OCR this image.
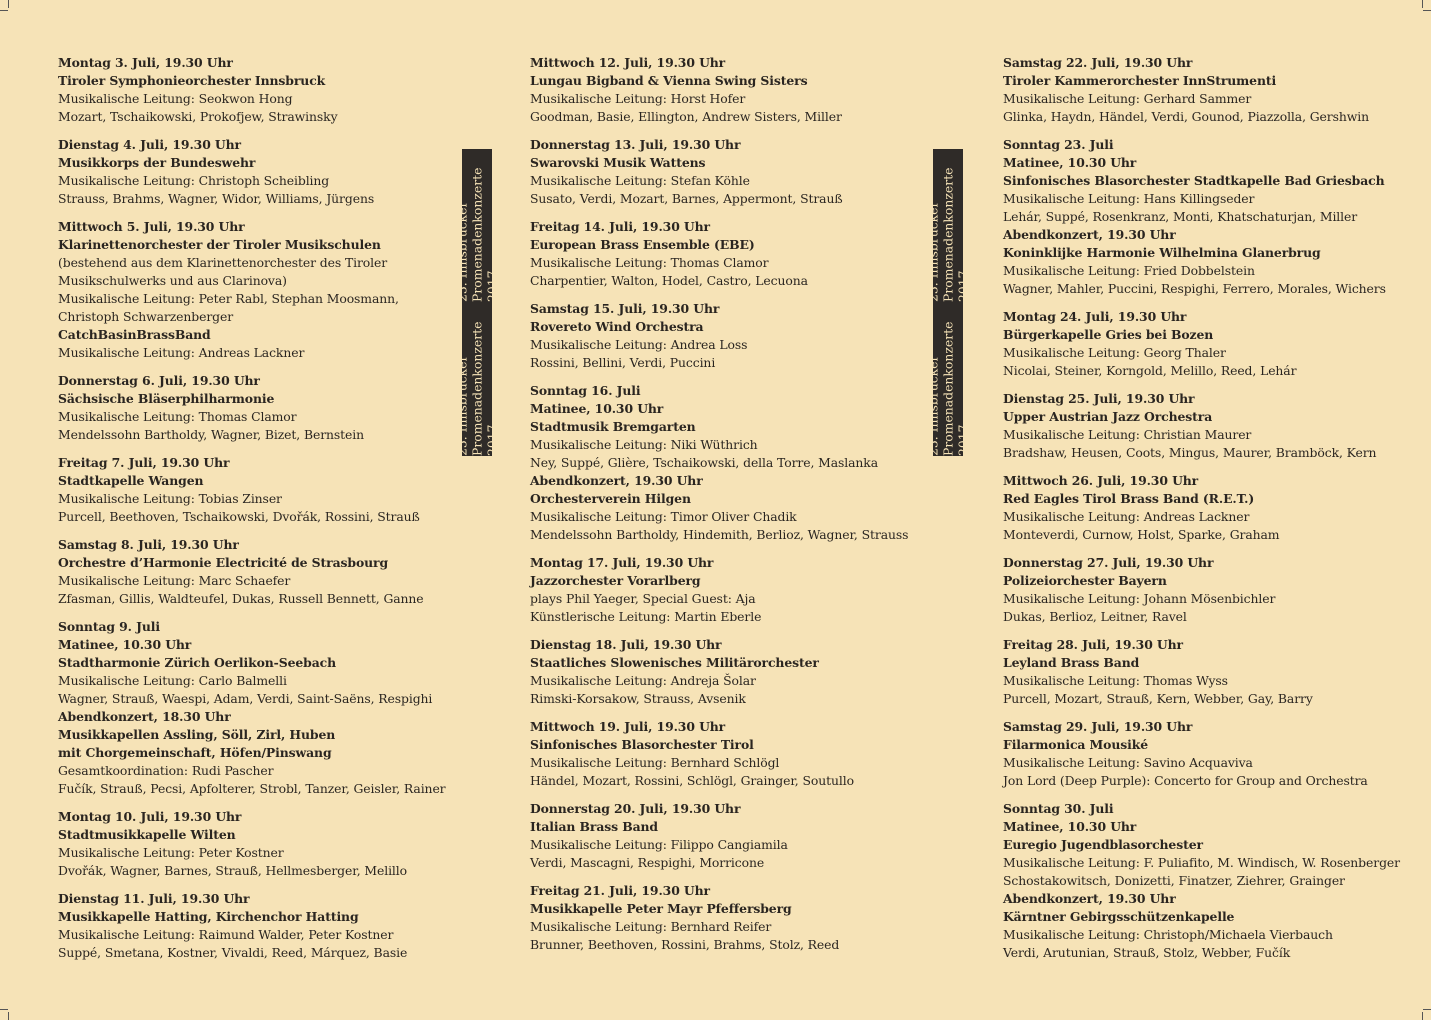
Montag 3. Juli, 19.30 Uhr
Tiroler Symphonieorchester Innsbruck
Musikalische Leitung: Seokwon Hong
Mozart, Tschaikowski, Prokofjew, Strawinsky
Dienstag 4. Juli, 19.30 Uhr
Musikkorps der Bundeswehr
Musikalische Leitung: Christoph Scheibling
Strauss, Brahms, Wagner, Widor, Williams, Jürgens
Mittwoch 5. Juli, 19.30 Uhr
Klarinettenorchester der Tiroler Musikschulen
(bestehend aus dem Klarinettenorchester des Tiroler
Musikschulwerks und aus Clarinova)
Musikalische Leitung: Peter Rabl, Stephan Moosmann,
Christoph Schwarzenberger
CatchBasinBrassBand
Musikalische Leitung: Andreas Lackner
Donnerstag 6. Juli, 19.30 Uhr
Sächsische Bläserphilharmonie
Musikalische Leitung: Thomas Clamor
Mendelssohn Bartholdy, Wagner, Bizet, Bernstein
Freitag 7. Juli, 19.30 Uhr
Stadtkapelle Wangen
Musikalische Leitung: Tobias Zinser
Purcell, Beethoven, Tschaikowski, Dvořák, Rossini, Strauß
Samstag 8. Juli, 19.30 Uhr
Orchestre d’Harmonie Electricité de Strasbourg
Musikalische Leitung: Marc Schaefer
Zfasman, Gillis, Waldteufel, Dukas, Russell Bennett, Ganne
Sonntag 9. Juli
Matinee, 10.30 Uhr
Stadtharmonie Zürich Oerlikon-Seebach
Musikalische Leitung: Carlo Balmelli
Wagner, Strauß, Waespi, Adam, Verdi, Saint-Saëns, Respighi
Abendkonzert, 18.30 Uhr
Musikkapellen Assling, Söll, Zirl, Huben
mit Chorgemeinschaft, Höfen/Pinswang
Gesamtkoordination: Rudi Pascher
Fučík, Strauß, Pecsi, Apfolterer, Strobl, Tanzer, Geisler, Rainer
Montag 10. Juli, 19.30 Uhr
Stadtmusikkapelle Wilten
Musikalische Leitung: Peter Kostner
Dvořák, Wagner, Barnes, Strauß, Hellmesberger, Melillo
Dienstag 11. Juli, 19.30 Uhr
Musikkapelle Hatting, Kirchenchor Hatting
Musikalische Leitung: Raimund Walder, Peter Kostner
Suppé, Smetana, Kostner, Vivaldi, Reed, Márquez, Basie
23. Innsbrucker Promenadenkonzerte 2017
23. Innsbrucker Promenadenkonzerte 2017
Mittwoch 12. Juli, 19.30 Uhr
Lungau Bigband & Vienna Swing Sisters
Musikalische Leitung: Horst Hofer
Goodman, Basie, Ellington, Andrew Sisters, Miller
Donnerstag 13. Juli, 19.30 Uhr
Swarovski Musik Wattens
Musikalische Leitung: Stefan Köhle
Susato, Verdi, Mozart, Barnes, Appermont, Strauß
Freitag 14. Juli, 19.30 Uhr
European Brass Ensemble (EBE)
Musikalische Leitung: Thomas Clamor
Charpentier, Walton, Hodel, Castro, Lecuona
Samstag 15. Juli, 19.30 Uhr
Rovereto Wind Orchestra
Musikalische Leitung: Andrea Loss
Rossini, Bellini, Verdi, Puccini
Sonntag 16. Juli
Matinee, 10.30 Uhr
Stadtmusik Bremgarten
Musikalische Leitung: Niki Wüthrich
Ney, Suppé, Glière, Tschaikowski, della Torre, Maslanka
Abendkonzert, 19.30 Uhr
Orchesterverein Hilgen
Musikalische Leitung: Timor Oliver Chadik
Mendelssohn Bartholdy, Hindemith, Berlioz, Wagner, Strauss
Montag 17. Juli, 19.30 Uhr
Jazzorchester Vorarlberg
plays Phil Yaeger, Special Guest: Aja
Künstlerische Leitung: Martin Eberle
Dienstag 18. Juli, 19.30 Uhr
Staatliches Slowenisches Militärorchester
Musikalische Leitung: Andreja Šolar
Rimski-Korsakow, Strauss, Avsenik
Mittwoch 19. Juli, 19.30 Uhr
Sinfonisches Blasorchester Tirol
Musikalische Leitung: Bernhard Schlögl
Händel, Mozart, Rossini, Schlögl, Grainger, Soutullo
Donnerstag 20. Juli, 19.30 Uhr
Italian Brass Band
Musikalische Leitung: Filippo Cangiamila
Verdi, Mascagni, Respighi, Morricone
Freitag 21. Juli, 19.30 Uhr
Musikkapelle Peter Mayr Pfeffersberg
Musikalische Leitung: Bernhard Reifer
Brunner, Beethoven, Rossini, Brahms, Stolz, Reed
23. Innsbrucker Promenadenkonzerte 2017
23. Innsbrucker Promenadenkonzerte 2017
Samstag 22. Juli, 19.30 Uhr
Tiroler Kammerorchester InnStrumenti
Musikalische Leitung: Gerhard Sammer
Glinka, Haydn, Händel, Verdi, Gounod, Piazzolla, Gershwin
Sonntag 23. Juli
Matinee, 10.30 Uhr
Sinfonisches Blasorchester Stadtkapelle Bad Griesbach
Musikalische Leitung: Hans Killingseder
Lehár, Suppé, Rosenkranz, Monti, Khatschaturjan, Miller
Abendkonzert, 19.30 Uhr
Koninklijke Harmonie Wilhelmina Glanerbrug
Musikalische Leitung: Fried Dobbelstein
Wagner, Mahler, Puccini, Respighi, Ferrero, Morales, Wichers
Montag 24. Juli, 19.30 Uhr
Bürgerkapelle Gries bei Bozen
Musikalische Leitung: Georg Thaler
Nicolai, Steiner, Korngold, Melillo, Reed, Lehár
Dienstag 25. Juli, 19.30 Uhr
Upper Austrian Jazz Orchestra
Musikalische Leitung: Christian Maurer
Bradshaw, Heusen, Coots, Mingus, Maurer, Bramböck, Kern
Mittwoch 26. Juli, 19.30 Uhr
Red Eagles Tirol Brass Band (R.E.T.)
Musikalische Leitung: Andreas Lackner
Monteverdi, Curnow, Holst, Sparke, Graham
Donnerstag 27. Juli, 19.30 Uhr
Polizeiorchester Bayern
Musikalische Leitung: Johann Mösenbichler
Dukas, Berlioz, Leitner, Ravel
Freitag 28. Juli, 19.30 Uhr
Leyland Brass Band
Musikalische Leitung: Thomas Wyss
Purcell, Mozart, Strauß, Kern, Webber, Gay, Barry
Samstag 29. Juli, 19.30 Uhr
Filarmonica Mousiké
Musikalische Leitung: Savino Acquaviva
Jon Lord (Deep Purple): Concerto for Group and Orchestra
Sonntag 30. Juli
Matinee, 10.30 Uhr
Euregio Jugendblasorchester
Musikalische Leitung: F. Puliafito, M. Windisch, W. Rosenberger
Schostakowitsch, Donizetti, Finatzer, Ziehrer, Grainger
Abendkonzert, 19.30 Uhr
Kärntner Gebirgsschützenkapelle
Musikalische Leitung: Christoph/Michaela Vierbauch
Verdi, Arutunian, Strauß, Stolz, Webber, Fučík
